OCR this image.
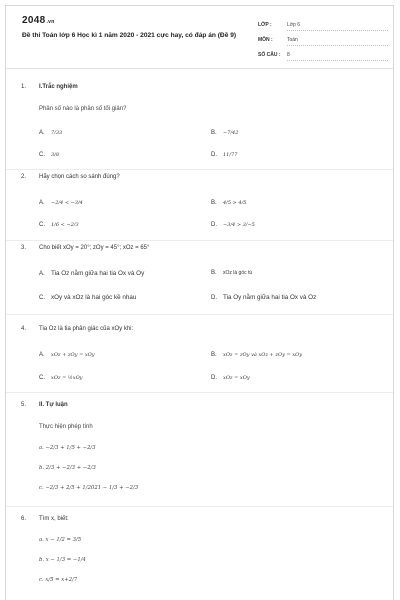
2048.vn
Đề thi Toán lớp 6 Học kì 1 năm 2020 - 2021 cực hay, có đáp án (Đề 9)
LỚP :	Lớp 6
MÔN :	Toán
SỐ CÂU : 8
1. I.Trắc nghiệm
Phân số nào là phân số tối giản?
A. 7/33	B. −7/42
C. 3/8	D. 11/77
2. Hãy chọn cách so sánh đúng?
A. −2/4 < −3/4	B. 4/5 > 4/5
C. 1/6 < −2/3	D. −3/4 > 3/−5
3. Cho biết xOy = 20°; zOy = 45°; xOz = 65°
A. Tia Oz nằm giữa hai tia Ox và Oy	B. xOz là góc tù
C. xOy và xOz là hai góc kề nhau	D. Tia Oy nằm giữa hai tia Ox và Oz
4. Tia Oz là tia phân giác của xOy khi:
A. xOz + zOy = xOy	B. xOz = zOy và xOz + zOy = xOy
C. xOz = ½xOy	D. xOz = xOy
5. II. Tự luận
Thực hiện phép tính
a. −2/3 + 1/5 + −2/3
b. 2/3 + −2/3 + −2/3
c. −2/3 + 2/5 + 1/2021 − 1/3 + −2/3
6. Tìm x, biết:
a. x − 1/2 = 3/5
b. x − 1/3 = −1/4
c. x/5 = x+2/7
